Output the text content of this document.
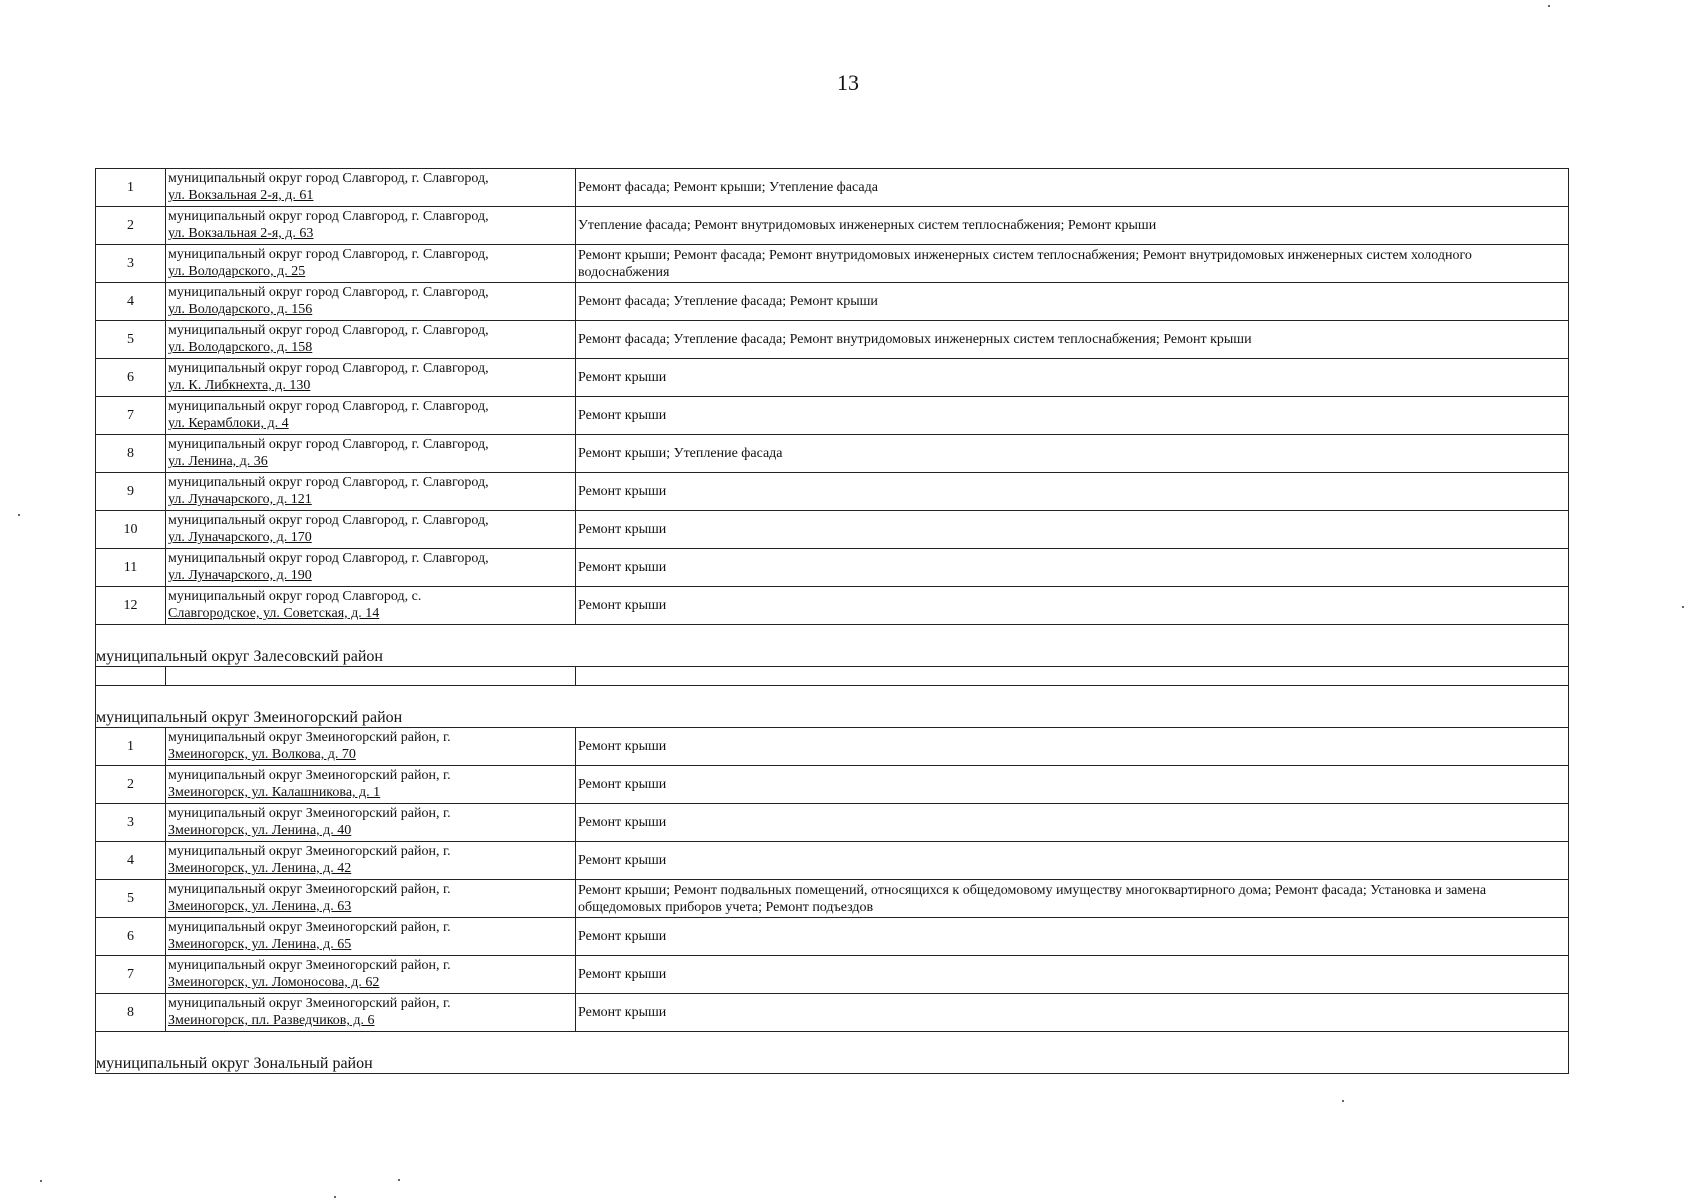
13
1	муниципальный округ город Славгород, г. Славгород,
ул. Вокзальная 2-я, д. 61	Ремонт фасада; Ремонт крыши; Утепление фасада
2	муниципальный округ город Славгород, г. Славгород,
ул. Вокзальная 2-я, д. 63	Утепление фасада; Ремонт внутридомовых инженерных систем теплоснабжения; Ремонт крыши
3	муниципальный округ город Славгород, г. Славгород,
ул. Володарского, д. 25	Ремонт крыши; Ремонт фасада; Ремонт внутридомовых инженерных систем теплоснабжения; Ремонт внутридомовых инженерных систем холодного водоснабжения
4	муниципальный округ город Славгород, г. Славгород,
ул. Володарского, д. 156	Ремонт фасада; Утепление фасада; Ремонт крыши
5	муниципальный округ город Славгород, г. Славгород,
ул. Володарского, д. 158	Ремонт фасада; Утепление фасада; Ремонт внутридомовых инженерных систем теплоснабжения; Ремонт крыши
6	муниципальный округ город Славгород, г. Славгород,
ул. К. Либкнехта, д. 130	Ремонт крыши
7	муниципальный округ город Славгород, г. Славгород,
ул. Керамблоки, д. 4	Ремонт крыши
8	муниципальный округ город Славгород, г. Славгород,
ул. Ленина, д. 36	Ремонт крыши; Утепление фасада
9	муниципальный округ город Славгород, г. Славгород,
ул. Луначарского, д. 121	Ремонт крыши
10	муниципальный округ город Славгород, г. Славгород,
ул. Луначарского, д. 170	Ремонт крыши
11	муниципальный округ город Славгород, г. Славгород,
ул. Луначарского, д. 190	Ремонт крыши
12	муниципальный округ город Славгород, с.
Славгородское, ул. Советская, д. 14	Ремонт крыши
муниципальный округ Залесовский район		

муниципальный округ Змеиногорский район		
1	муниципальный округ Змеиногорский район, г.
Змеиногорск, ул. Волкова, д. 70	Ремонт крыши
2	муниципальный округ Змеиногорский район, г.
Змеиногорск, ул. Калашникова, д. 1	Ремонт крыши
3	муниципальный округ Змеиногорский район, г.
Змеиногорск, ул. Ленина, д. 40	Ремонт крыши
4	муниципальный округ Змеиногорский район, г.
Змеиногорск, ул. Ленина, д. 42	Ремонт крыши
5	муниципальный округ Змеиногорский район, г.
Змеиногорск, ул. Ленина, д. 63	Ремонт крыши; Ремонт подвальных помещений, относящихся к общедомовому имуществу многоквартирного дома; Ремонт фасада; Установка и замена общедомовых приборов учета; Ремонт подъездов
6	муниципальный округ Змеиногорский район, г.
Змеиногорск, ул. Ленина, д. 65	Ремонт крыши
7	муниципальный округ Змеиногорский район, г.
Змеиногорск, ул. Ломоносова, д. 62	Ремонт крыши
8	муниципальный округ Змеиногорский район, г.
Змеиногорск, пл. Разведчиков, д. 6	Ремонт крыши
муниципальный округ Зональный район		
